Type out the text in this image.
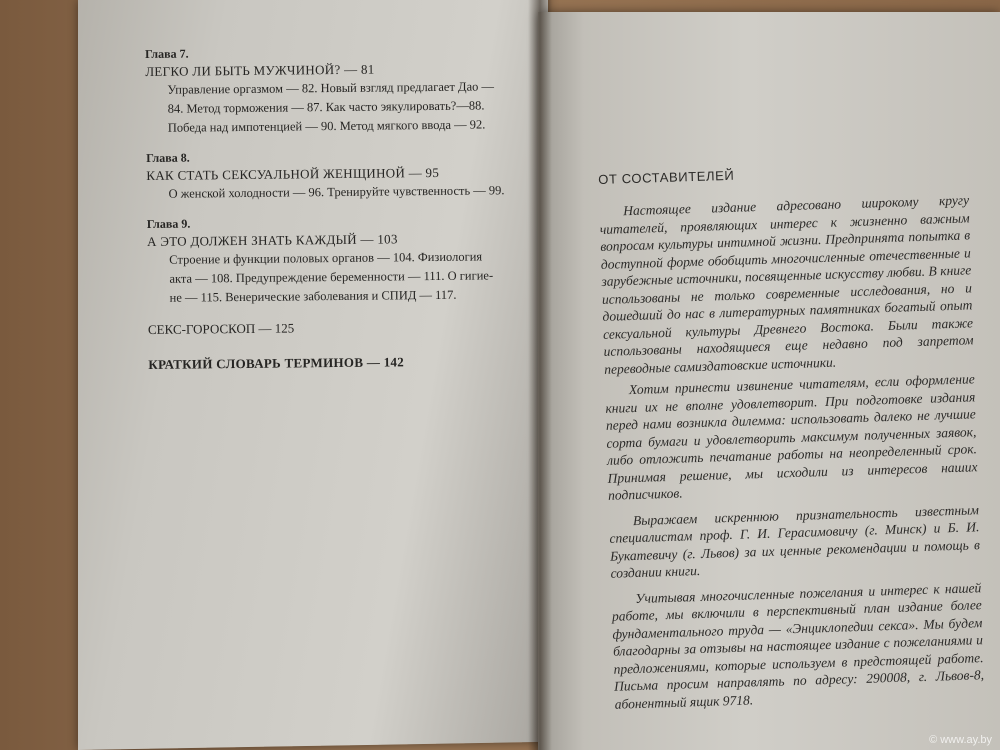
Глава 7.
ЛЕГКО ЛИ БЫТЬ МУЖЧИНОЙ? — 81
Управление оргазмом — 82. Новый взгляд предлагает Дао —
84. Метод торможения — 87. Как часто эякулировать?—88.
Победа над импотенцией — 90. Метод мягкого ввода — 92.
Глава 8.
КАК СТАТЬ СЕКСУАЛЬНОЙ ЖЕНЩИНОЙ — 95
О женской холодности — 96. Тренируйте чувственность — 99.
Глава 9.
А ЭТО ДОЛЖЕН ЗНАТЬ КАЖДЫЙ — 103
Строение и функции половых органов — 104. Физиология
акта — 108. Предупреждение беременности — 111. О гигие-
не — 115. Венерические заболевания и СПИД — 117.
СЕКС-ГОРОСКОП — 125
КРАТКИЙ СЛОВАРЬ ТЕРМИНОВ — 142
ОТ СОСТАВИТЕЛЕЙ

Настоящее издание адресовано широкому кругу читателей, проявляющих интерес к жизненно важным вопросам культуры интимной жизни. Предпринята попытка в доступной форме обобщить многочисленные отечественные и зарубежные источники, посвященные искусству любви. В книге использованы не только современные исследования, но и дошедший до нас в литературных памятниках богатый опыт сексуальной культуры Древнего Востока. Были также использованы находящиеся еще недавно под запретом переводные самиздатовские источники.

Хотим принести извинение читателям, если оформление книги их не вполне удовлетворит. При подготовке издания перед нами возникла дилемма: использовать далеко не лучшие сорта бумаги и удовлетворить максимум полученных заявок, либо отложить печатание работы на неопределенный срок. Принимая решение, мы исходили из интересов наших подписчиков.

Выражаем искреннюю признательность известным специалистам проф. Г. И. Герасимовичу (г. Минск) и Б. И. Букатевичу (г. Львов) за их ценные рекомендации и помощь в создании книги.

Учитывая многочисленные пожелания и интерес к нашей работе, мы включили в перспективный план издание более фундаментального труда — «Энциклопедии секса». Мы будем благодарны за отзывы на настоящее издание с пожеланиями и предложениями, которые используем в предстоящей работе. Письма просим направлять по адресу: 290008, г. Львов-8, абонентный ящик 9718.

© www.ay.by
